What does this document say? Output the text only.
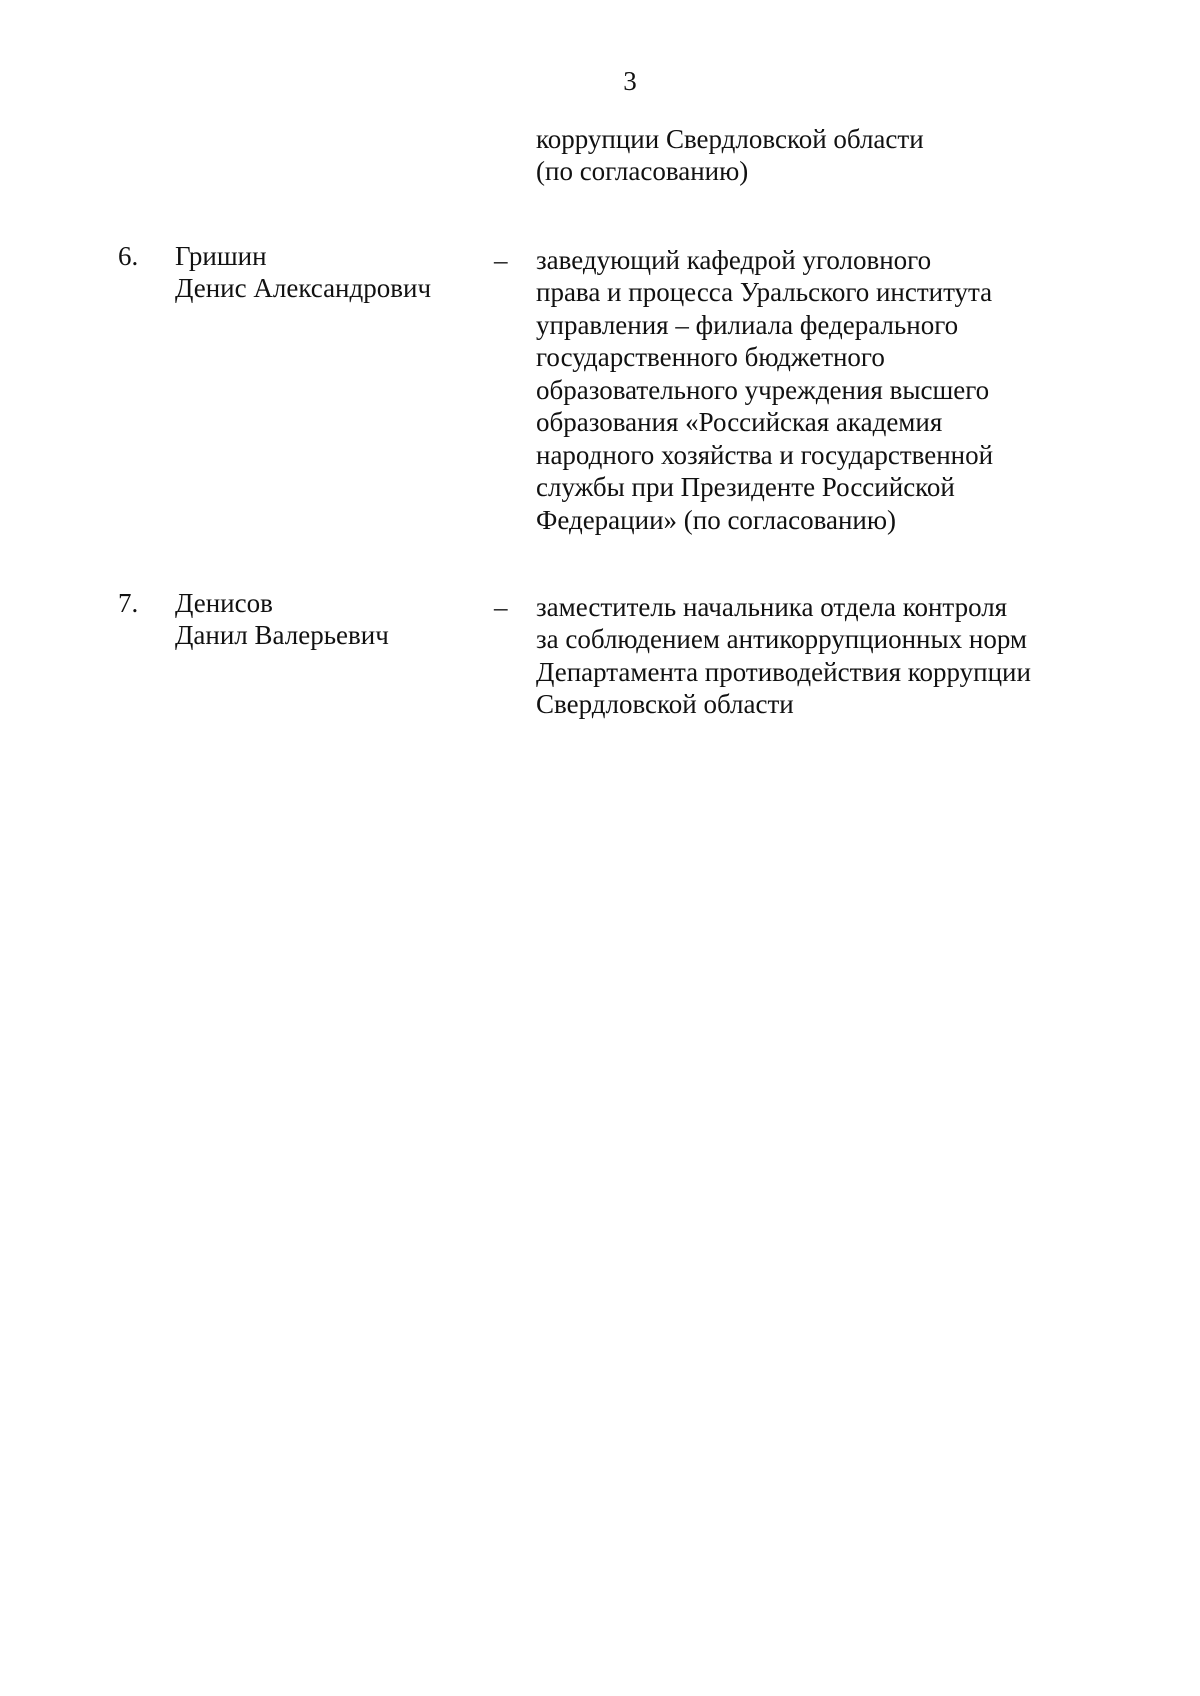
3
коррупции Свердловской области
(по согласованию)
6. Гришин
Денис Александрович
– заведующий кафедрой уголовного
права и процесса Уральского института
управления – филиала федерального
государственного бюджетного
образовательного учреждения высшего
образования «Российская академия
народного хозяйства и государственной
службы при Президенте Российской
Федерации» (по согласованию)
7. Денисов
Данил Валерьевич
– заместитель начальника отдела контроля
за соблюдением антикоррупционных норм
Департамента противодействия коррупции
Свердловской области
